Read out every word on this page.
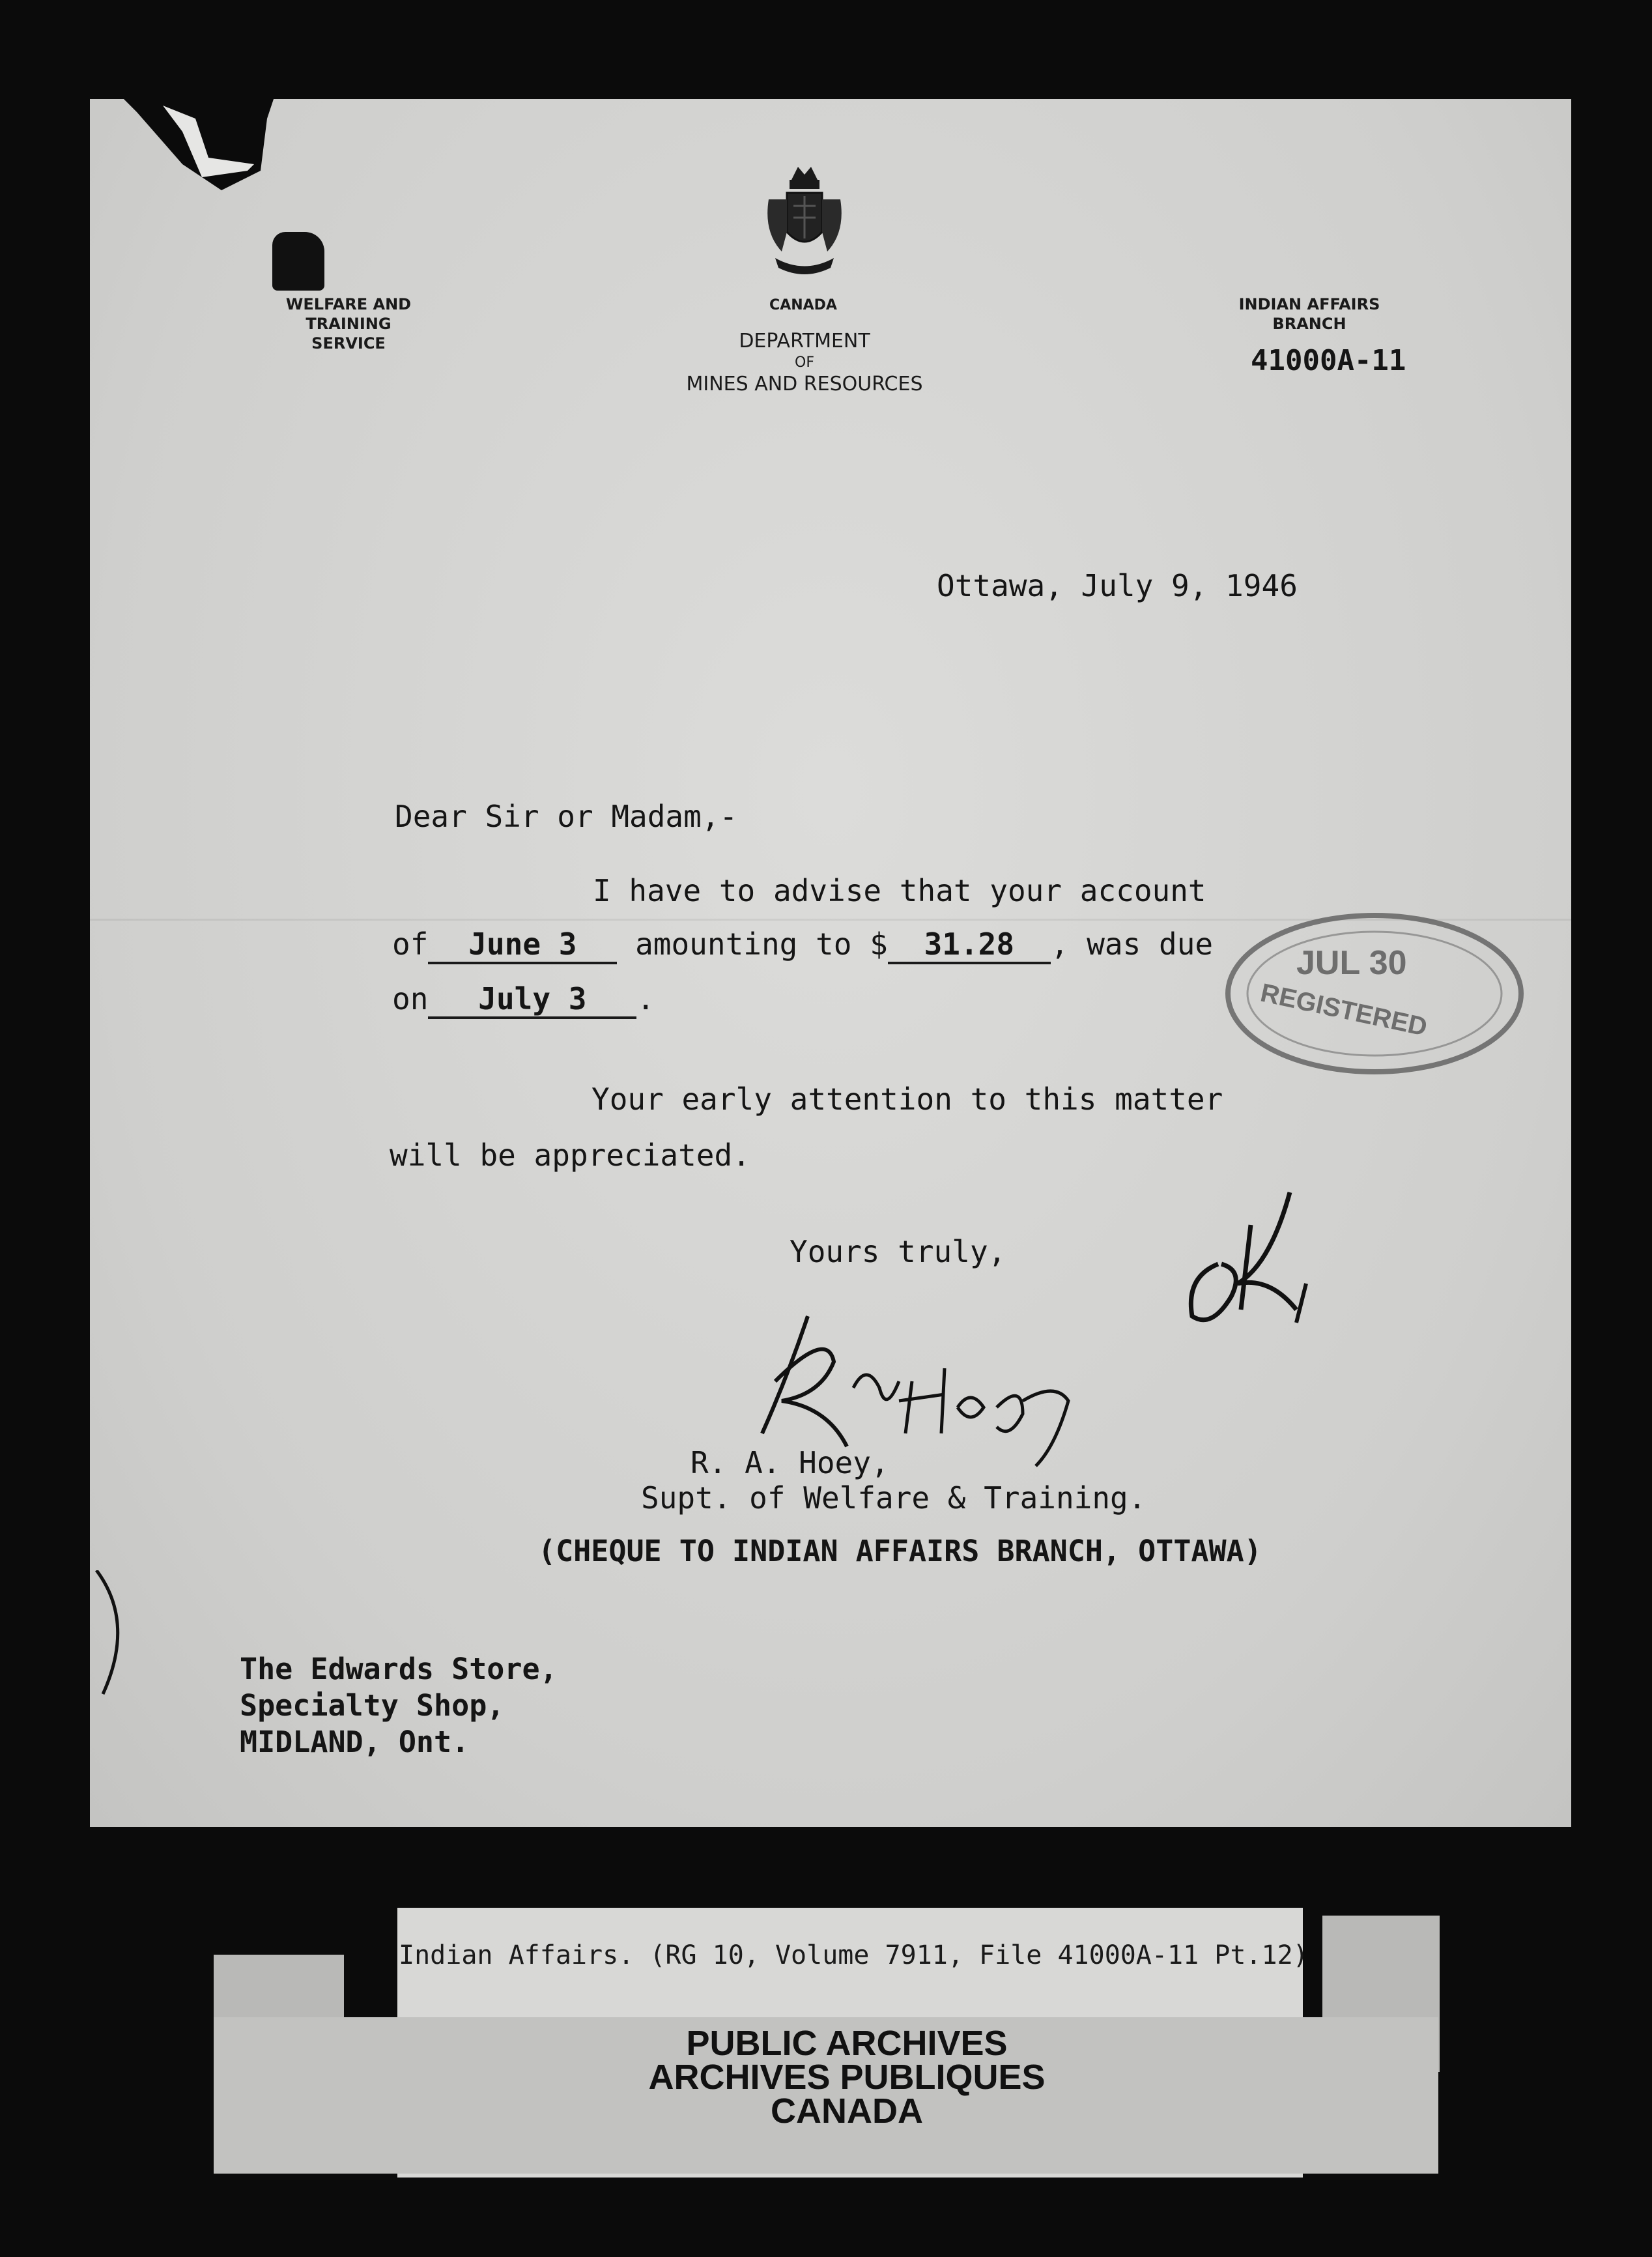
WELFARE AND TRAINING
SERVICE
CANADA
DEPARTMENT
OF
MINES AND RESOURCES
INDIAN AFFAIRS
BRANCH
41000A-11
Ottawa, July 9, 1946
Dear Sir or Madam,-
I have to advise that your account
of June 3 amounting to $ 31.28 , was due
on July 3 .
Your early attention to this matter
will be appreciated.
JUL 30
REGISTERED
Yours truly,
R. A. Hoey,
Supt. of Welfare & Training.
(CHEQUE TO INDIAN AFFAIRS BRANCH, OTTAWA)
The Edwards Store,
Specialty Shop,
MIDLAND, Ont.
Indian Affairs. (RG 10, Volume 7911, File 41000A-11 Pt.12)
PUBLIC ARCHIVES
ARCHIVES PUBLIQUES
CANADA
